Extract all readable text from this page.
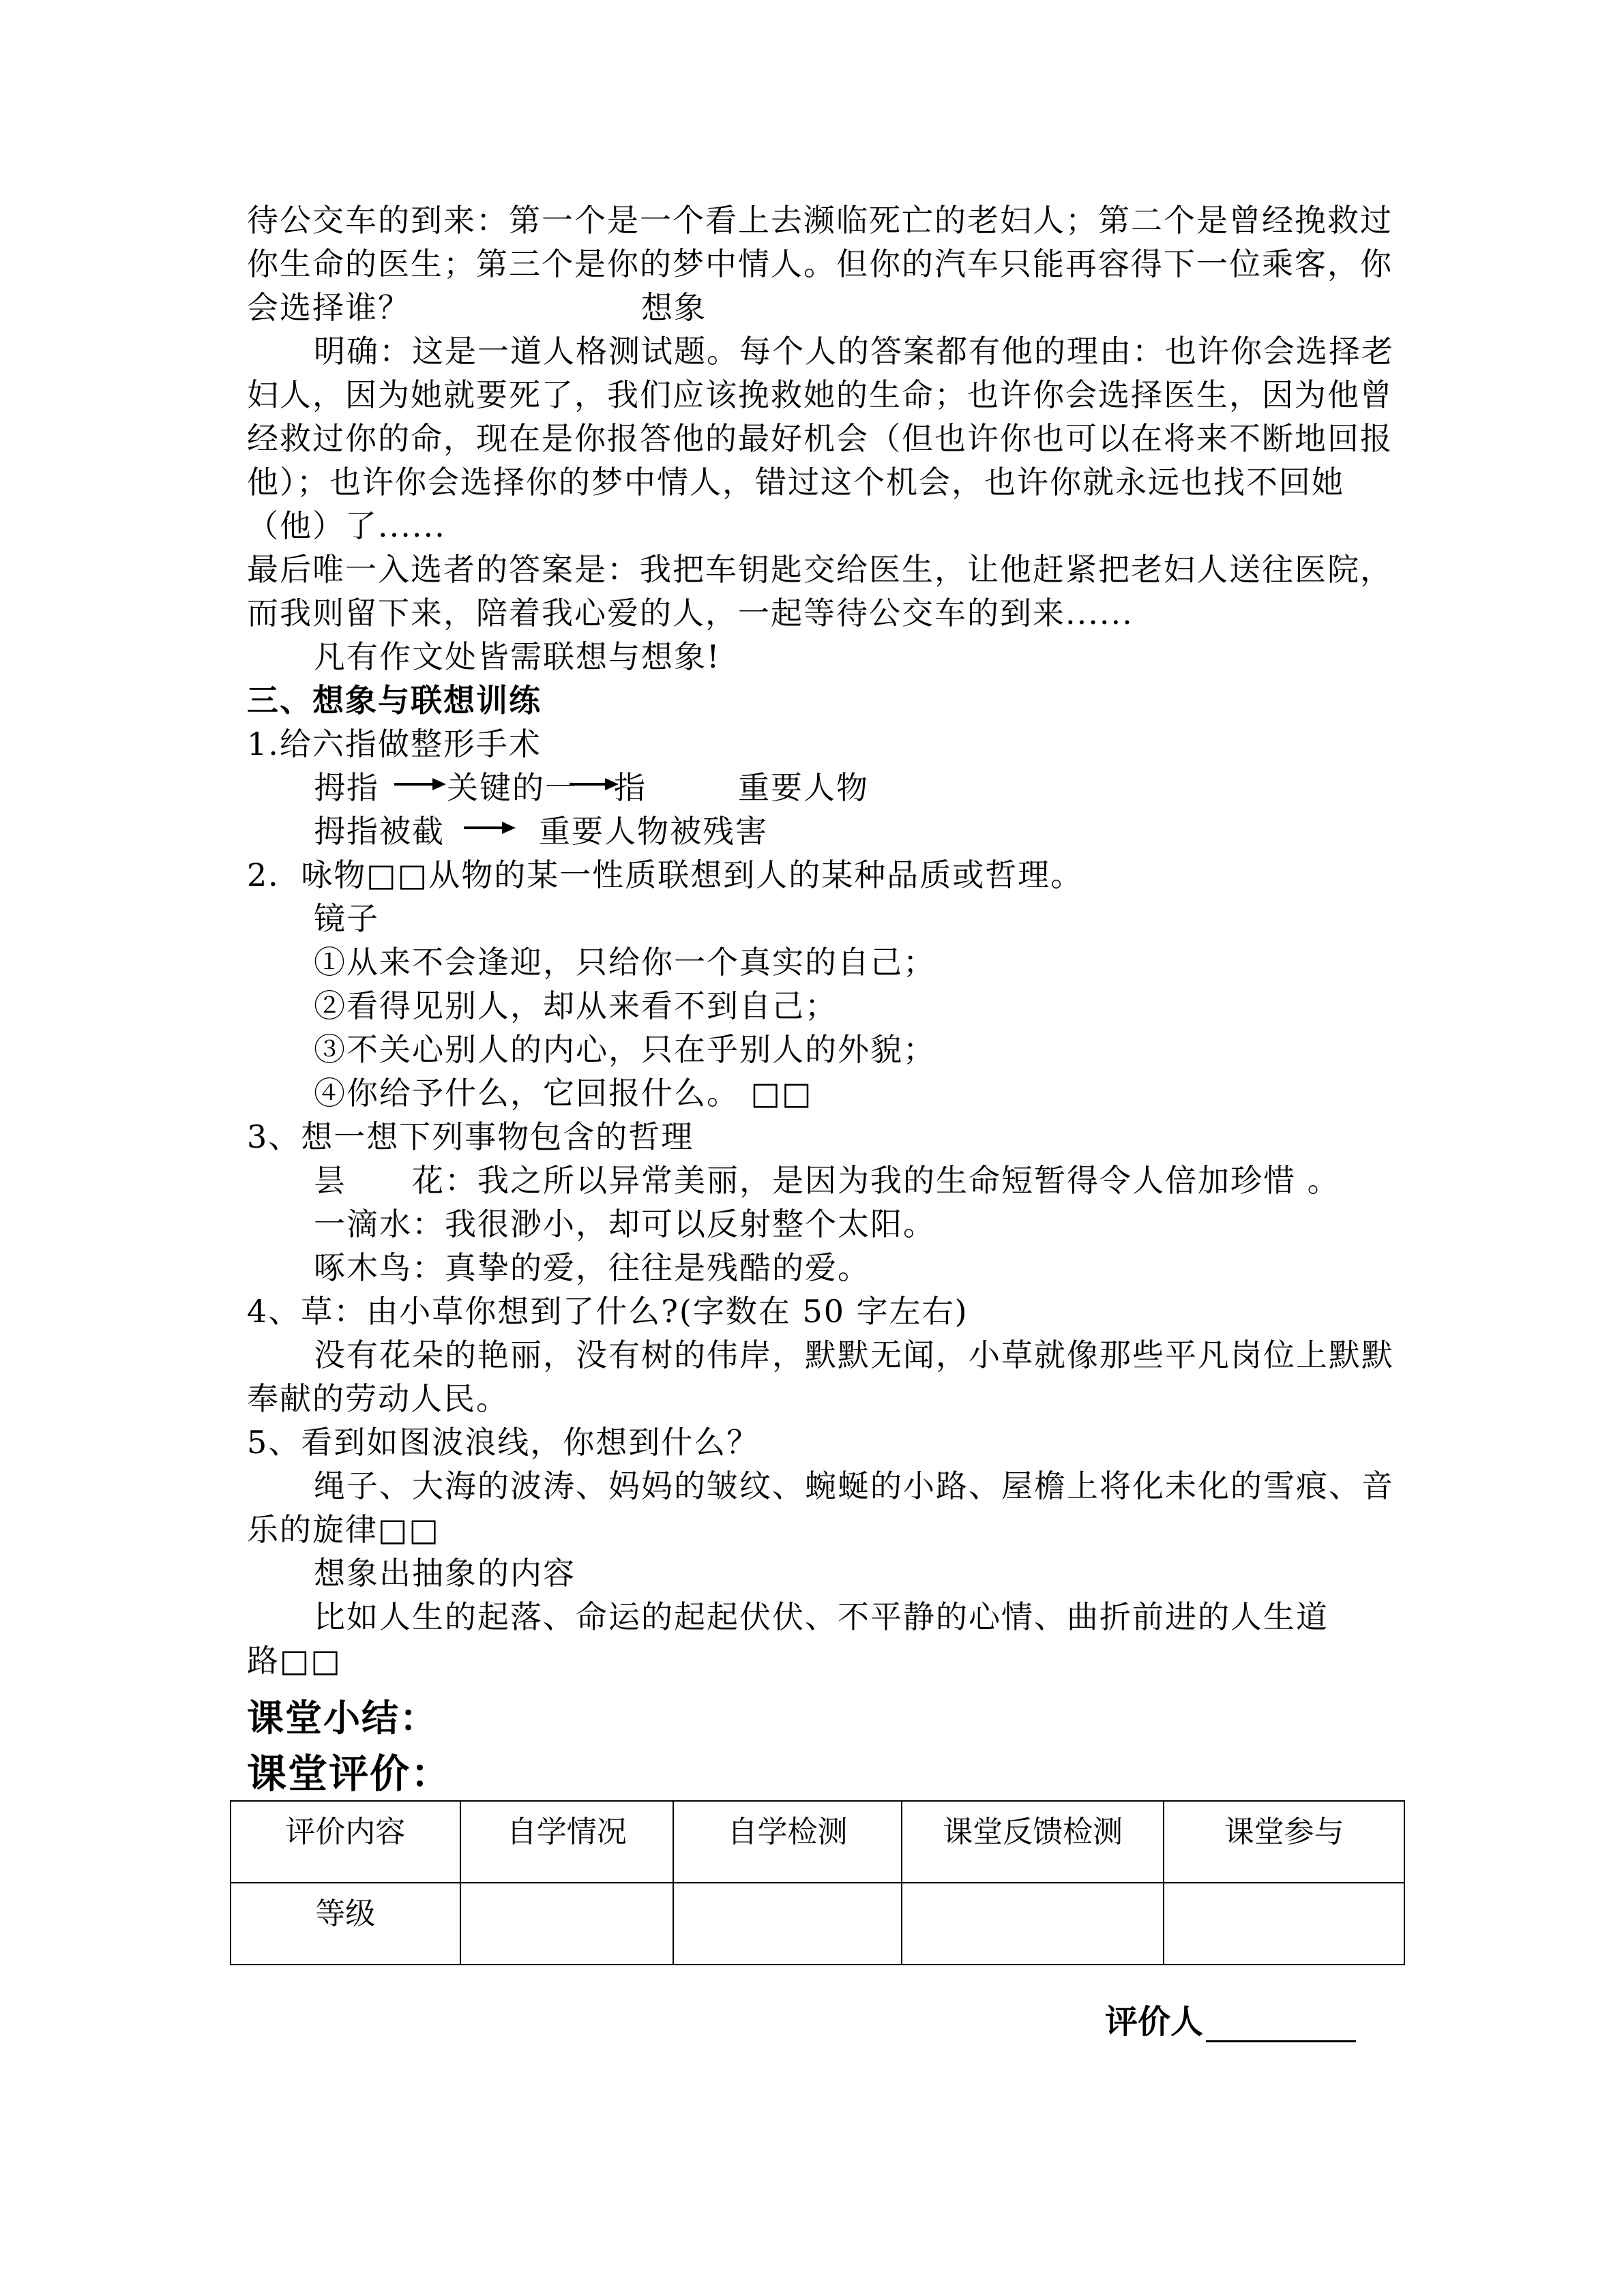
待公交车的到来：第一个是一个看上去濒临死亡的老妇人；第二个是曾经挽救过
你生命的医生；第三个是你的梦中情人。但你的汽车只能再容得下一位乘客，你
会选择谁？	想象
明确：这是一道人格测试题。每个人的答案都有他的理由：也许你会选择老
妇人，因为她就要死了，我们应该挽救她的生命；也许你会选择医生，因为他曾
经救过你的命，现在是你报答他的最好机会（但也许你也可以在将来不断地回报
他）；也许你会选择你的梦中情人，错过这个机会，也许你就永远也找不回她
（他）了......
最后唯一入选者的答案是：我把车钥匙交给医生，让他赶紧把老妇人送往医院，
而我则留下来，陪着我心爱的人，一起等待公交车的到来......
凡有作文处皆需联想与想象!
三、想象与联想训练
1.给六指做整形手术
拇指 关键的一 指	重要人物
拇指被截	重要人物被残害
2．咏物□□从物的某一性质联想到人的某种品质或哲理。
镜子
①从来不会逢迎，只给你一个真实的自己；
②看得见别人，却从来看不到自己；
③不关心别人的内心，只在乎别人的外貌；
④你给予什么，它回报什么。 □□
3、想一想下列事物包含的哲理
昙　　花：我之所以异常美丽，是因为我的生命短暂得令人倍加珍惜 。
一滴水：我很渺小，却可以反射整个太阳。
啄木鸟：真挚的爱，往往是残酷的爱。
4、草：由小草你想到了什么?(字数在 50 字左右)
没有花朵的艳丽，没有树的伟岸，默默无闻，小草就像那些平凡岗位上默默
奉献的劳动人民。
5、看到如图波浪线，你想到什么？
绳子、大海的波涛、妈妈的皱纹、蜿蜒的小路、屋檐上将化未化的雪痕、音
乐的旋律□□
想象出抽象的内容
比如人生的起落、命运的起起伏伏、不平静的心情、曲折前进的人生道
路□□
课堂小结：
课堂评价：
评价内容	自学情况	自学检测	课堂反馈检测	课堂参与
等级				
评价人
